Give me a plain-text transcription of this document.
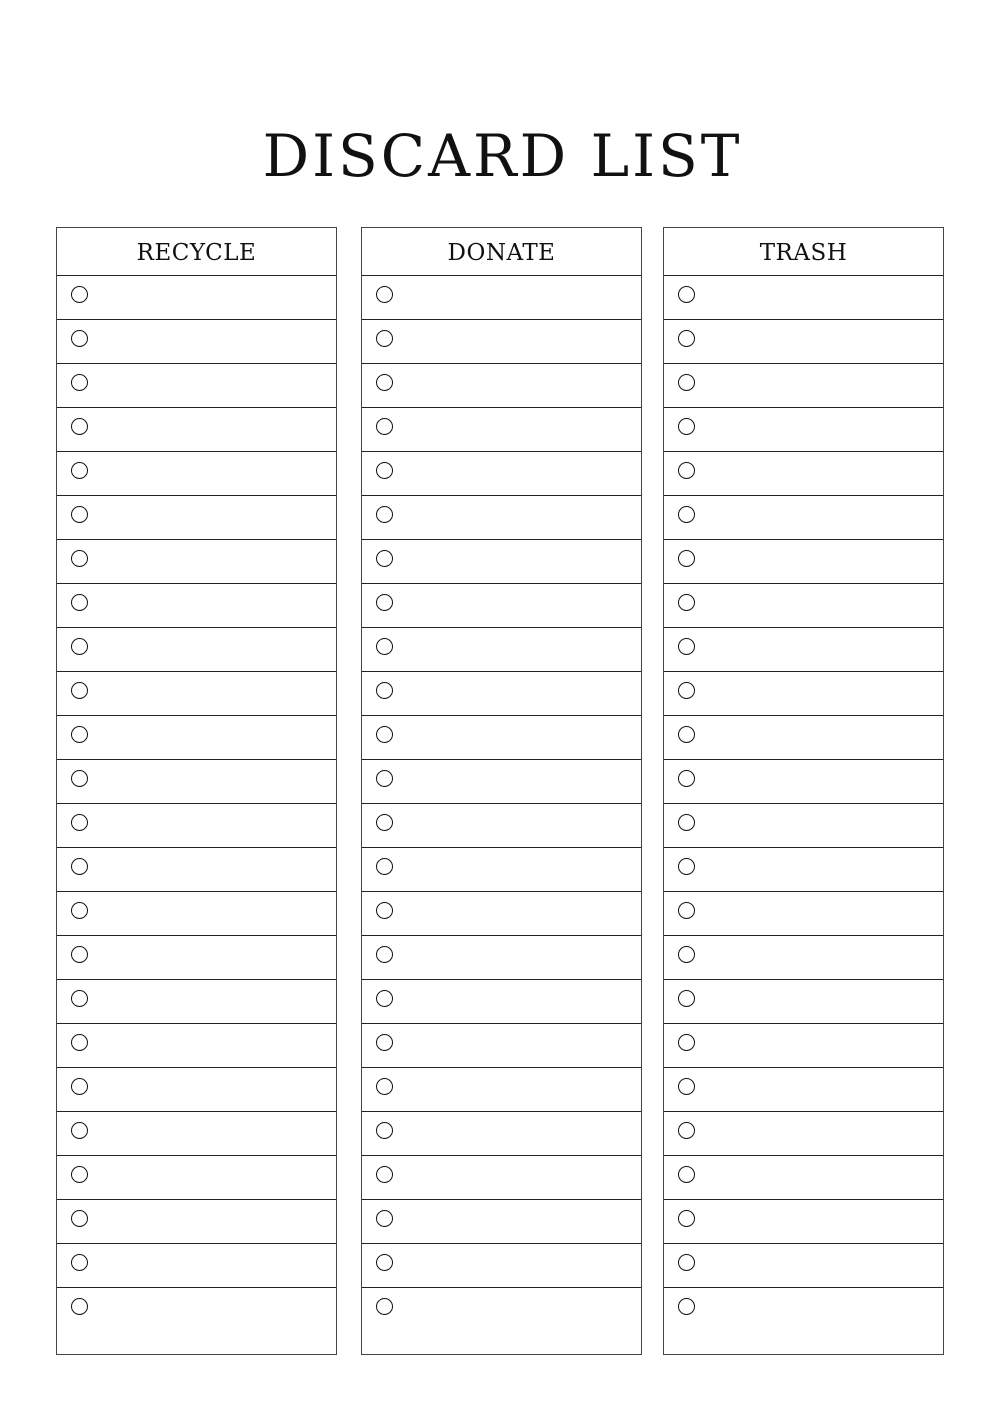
DISCARD LIST
RECYCLE	DONATE	TRASH
